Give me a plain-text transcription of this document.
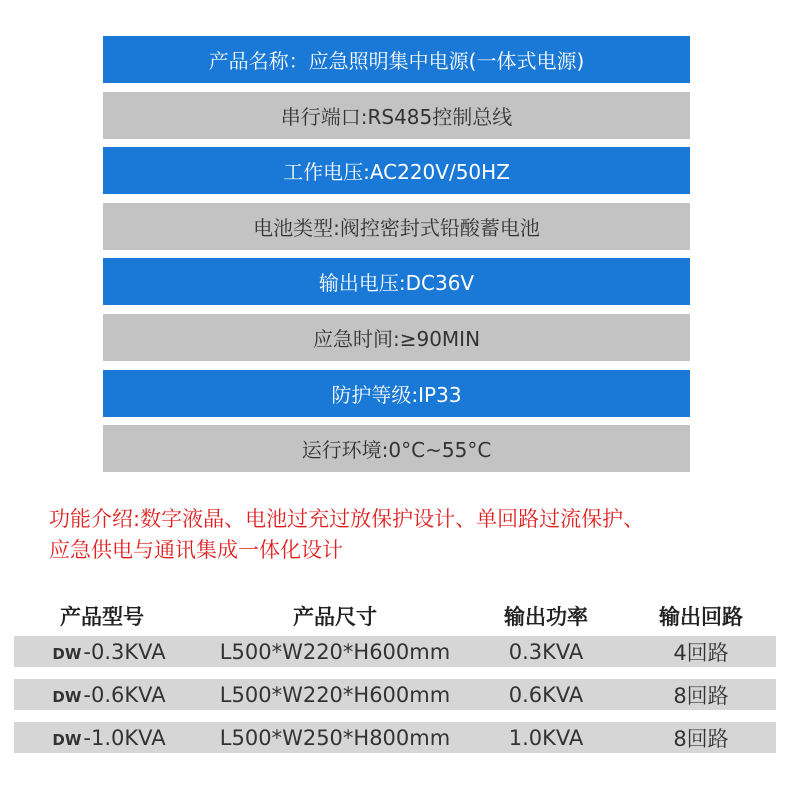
产品名称：应急照明集中电源(一体式电源)
串行端口:RS485控制总线
工作电压:AC220V/50HZ
电池类型:阀控密封式铅酸蓄电池
输出电压:DC36V
应急时间:≥90MIN
防护等级:IP33
运行环境:0°C~55°C
功能介绍:数字液晶、电池过充过放保护设计、单回路过流保护、
应急供电与通讯集成一体化设计
产品型号	产品尺寸	输出功率	输出回路
DW-0.3KVA	L500*W220*H600mm	0.3KVA	4回路
DW-0.6KVA	L500*W220*H600mm	0.6KVA	8回路
DW-1.0KVA	L500*W250*H800mm	1.0KVA	8回路
